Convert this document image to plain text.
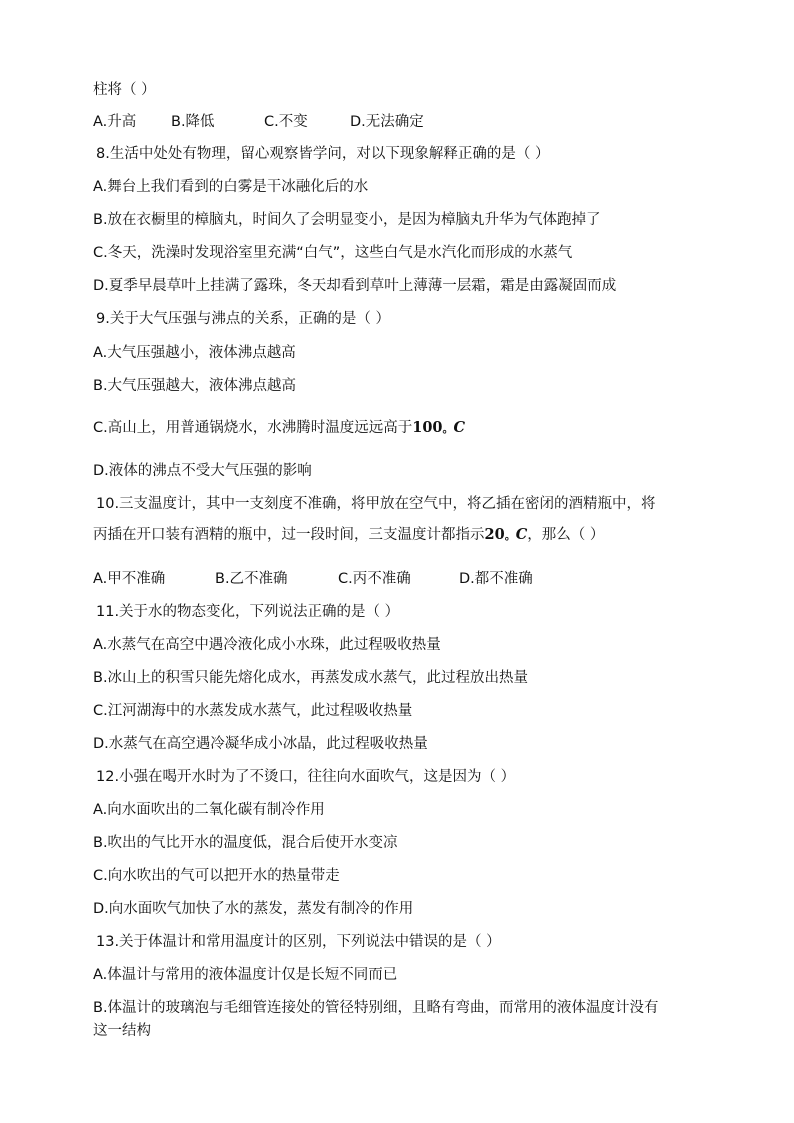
柱将（ ）
A.升高 B.降低	C.不变	D.无法确定
8.生活中处处有物理，留心观察皆学问，对以下现象解释正确的是（ ）
A.舞台上我们看到的白雾是干冰融化后的水
B.放在衣橱里的樟脑丸，时间久了会明显变小，是因为樟脑丸升华为气体跑掉了
C.冬天，洗澡时发现浴室里充满“白气”，这些白气是水汽化而形成的水蒸气
D.夏季早晨草叶上挂满了露珠，冬天却看到草叶上薄薄一层霜，霜是由露凝固而成
9.关于大气压强与沸点的关系，正确的是（ ）
A.大气压强越小，液体沸点越高
B.大气压强越大，液体沸点越高
C.高山上，用普通锅烧水，水沸腾时温度远远高于100。C
D.液体的沸点不受大气压强的影响
10.三支温度计，其中一支刻度不准确，将甲放在空气中，将乙插在密闭的酒精瓶中，将
丙插在开口装有酒精的瓶中，过一段时间，三支温度计都指示20。C，那么（ ）
A.甲不准确	B.乙不准确	C.丙不准确	D.都不准确
11.关于水的物态变化，下列说法正确的是（ ）
A.水蒸气在高空中遇冷液化成小水珠，此过程吸收热量
B.冰山上的积雪只能先熔化成水，再蒸发成水蒸气，此过程放出热量
C.江河湖海中的水蒸发成水蒸气，此过程吸收热量
D.水蒸气在高空遇冷凝华成小冰晶，此过程吸收热量
12.小强在喝开水时为了不烫口，往往向水面吹气，这是因为（ ）
A.向水面吹出的二氧化碳有制冷作用
B.吹出的气比开水的温度低，混合后使开水变凉
C.向水吹出的气可以把开水的热量带走
D.向水面吹气加快了水的蒸发，蒸发有制冷的作用
13.关于体温计和常用温度计的区别，下列说法中错误的是（ ）
A.体温计与常用的液体温度计仅是长短不同而已
B.体温计的玻璃泡与毛细管连接处的管径特别细，且略有弯曲，而常用的液体温度计没有
这一结构
